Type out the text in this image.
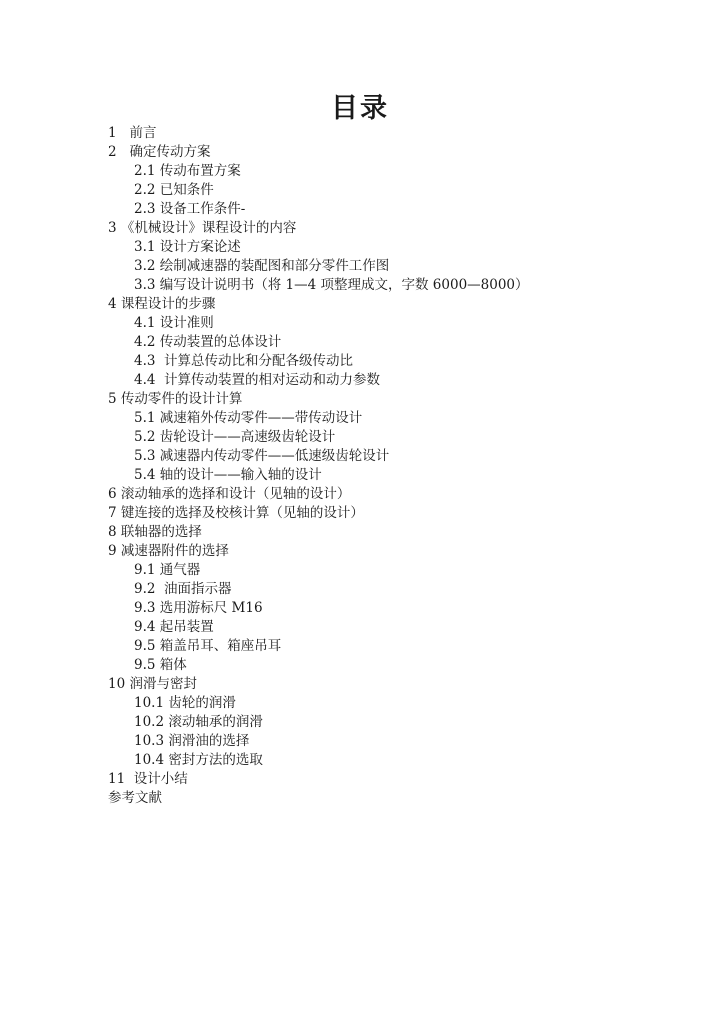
目录
1   前言
2   确定传动方案
2.1 传动布置方案
2.2 已知条件
2.3 设备工作条件-
3 《机械设计》课程设计的内容
3.1 设计方案论述
3.2 绘制减速器的装配图和部分零件工作图
3.3 编写设计说明书（将 1—4 项整理成文，字数 6000—8000）
4 课程设计的步骤
4.1 设计准则
4.2 传动装置的总体设计
4.3  计算总传动比和分配各级传动比
4.4  计算传动装置的相对运动和动力参数
5 传动零件的设计计算
5.1 减速箱外传动零件——带传动设计
5.2 齿轮设计——高速级齿轮设计
5.3 减速器内传动零件——低速级齿轮设计
5.4 轴的设计——输入轴的设计
6 滚动轴承的选择和设计（见轴的设计）
7 键连接的选择及校核计算（见轴的设计）
8 联轴器的选择
9 减速器附件的选择
9.1 通气器
9.2  油面指示器
9.3 选用游标尺 M16
9.4 起吊装置
9.5 箱盖吊耳、箱座吊耳
9.5 箱体
10 润滑与密封
10.1 齿轮的润滑
10.2 滚动轴承的润滑
10.3 润滑油的选择
10.4 密封方法的选取
11  设计小结
参考文献
